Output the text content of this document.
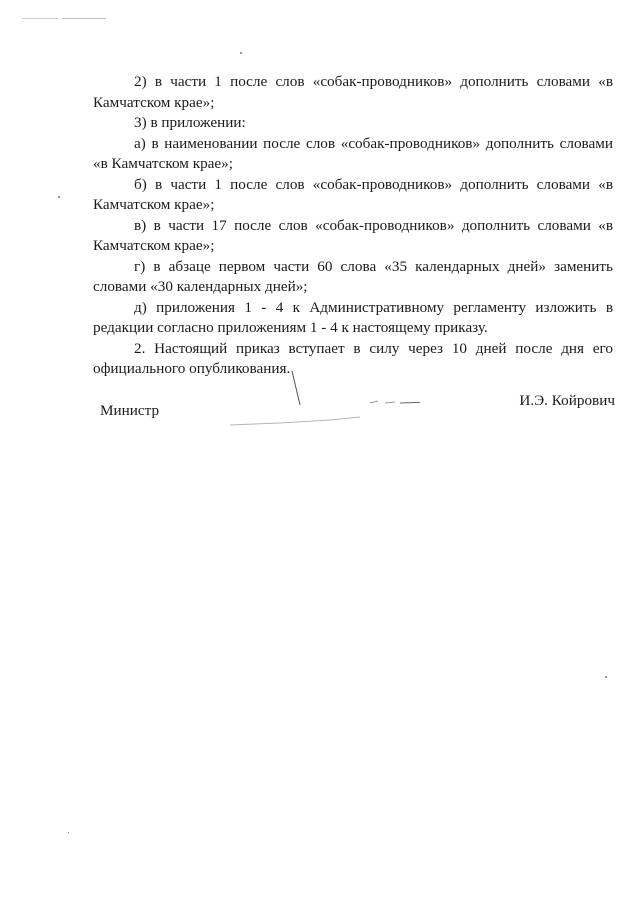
2) в части 1 после слов «собак-проводников» дополнить словами «в Камчатском крае»;

3) в приложении:

а) в наименовании после слов «собак-проводников» дополнить словами «в Камчатском крае»;

б) в части 1 после слов «собак-проводников» дополнить словами «в Камчатском крае»;

в) в части 17 после слов «собак-проводников» дополнить словами «в Камчатском крае»;

г) в абзаце первом части 60 слова «35 календарных дней» заменить словами «30 календарных дней»;

д) приложения 1 - 4 к Административному регламенту изложить в редакции согласно приложениям 1 - 4 к настоящему приказу.

2. Настоящий приказ вступает в силу через 10 дней после дня его официального опубликования.

Министр
И.Э. Койрович
